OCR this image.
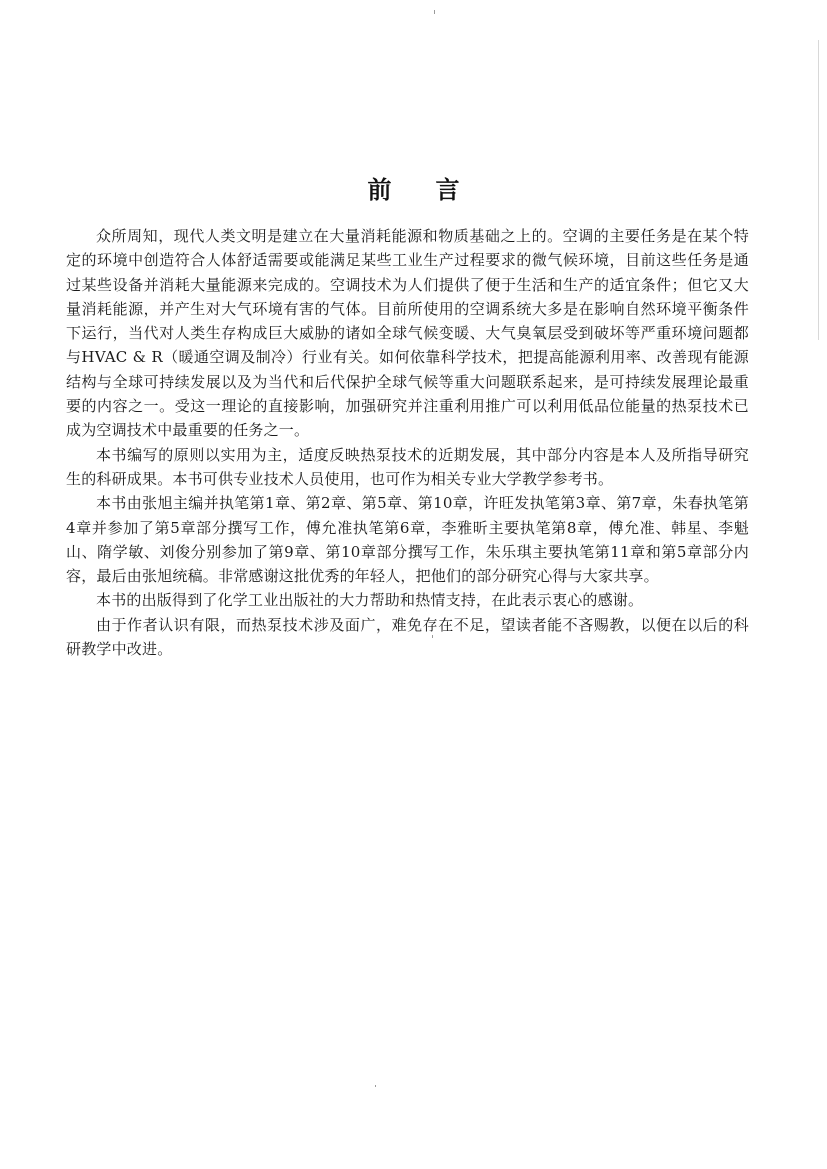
前言

众所周知，现代人类文明是建立在大量消耗能源和物质基础之上的。空调的主要任务是在某个特定的环境中创造符合人体舒适需要或能满足某些工业生产过程要求的微气候环境，目前这些任务是通过某些设备并消耗大量能源来完成的。空调技术为人们提供了便于生活和生产的适宜条件；但它又大量消耗能源，并产生对大气环境有害的气体。目前所使用的空调系统大多是在影响自然环境平衡条件下运行，当代对人类生存构成巨大威胁的诸如全球气候变暖、大气臭氧层受到破坏等严重环境问题都与HVAC & R（暖通空调及制冷）行业有关。如何依靠科学技术，把提高能源利用率、改善现有能源结构与全球可持续发展以及为当代和后代保护全球气候等重大问题联系起来，是可持续发展理论最重要的内容之一。受这一理论的直接影响，加强研究并注重利用推广可以利用低品位能量的热泵技术已成为空调技术中最重要的任务之一。

本书编写的原则以实用为主，适度反映热泵技术的近期发展，其中部分内容是本人及所指导研究生的科研成果。本书可供专业技术人员使用，也可作为相关专业大学教学参考书。

本书由张旭主编并执笔第1章、第2章、第5章、第10章，许旺发执笔第3章、第7章，朱春执笔第4章并参加了第5章部分撰写工作，傅允准执笔第6章，李雅昕主要执笔第8章，傅允准、韩星、李魁山、隋学敏、刘俊分别参加了第9章、第10章部分撰写工作，朱乐琪主要执笔第11章和第5章部分内容，最后由张旭统稿。非常感谢这批优秀的年轻人，把他们的部分研究心得与大家共享。

本书的出版得到了化学工业出版社的大力帮助和热情支持，在此表示衷心的感谢。

由于作者认识有限，而热泵技术涉及面广，难免存在不足，望读者能不吝赐教，以便在以后的科研教学中改进。
